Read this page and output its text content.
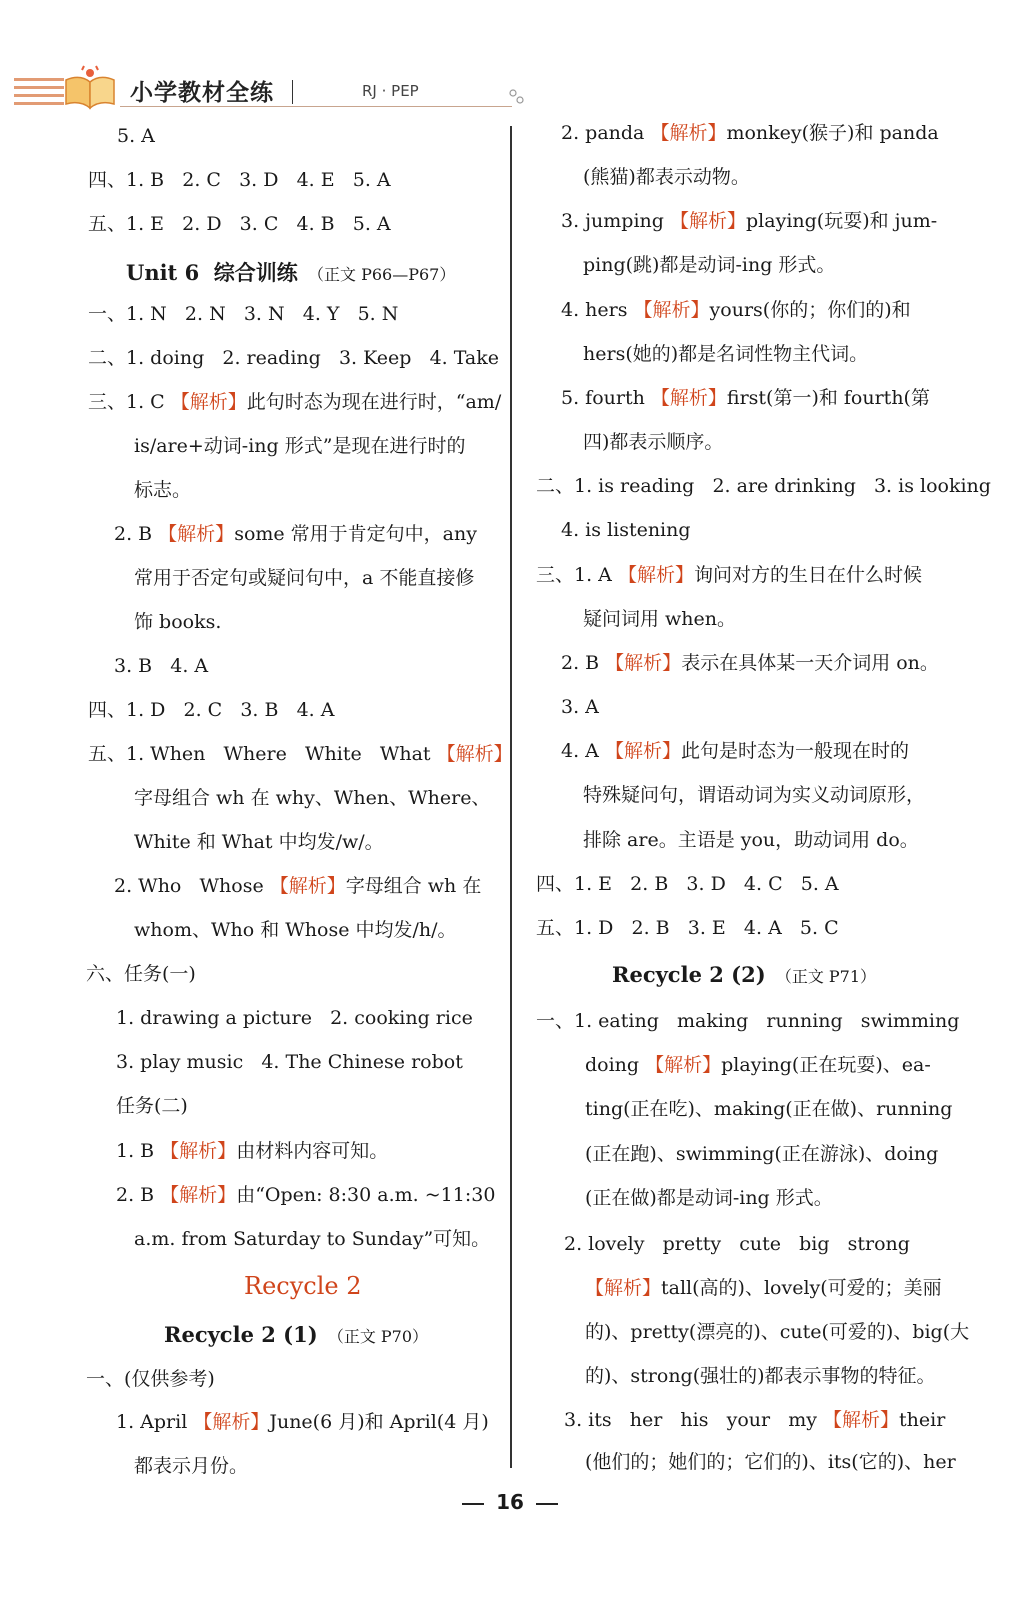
小学教材全练	RJ · PEP
5. A
四、1. B   2. C   3. D   4. E   5. A
五、1. E   2. D   3. C   4. B   5. A
Unit 6  综合训练  （正文 P66—P67）
一、1. N   2. N   3. N   4. Y   5. N
二、1. doing   2. reading   3. Keep   4. Take
三、1. C 【解析】此句时态为现在进行时，“am/
is/are+动词-ing 形式”是现在进行时的
标志。
2. B 【解析】some 常用于肯定句中，any
常用于否定句或疑问句中，a 不能直接修
饰 books.
3. B   4. A
四、1. D   2. C   3. B   4. A
五、1. When   Where   White   What 【解析】
字母组合 wh 在 why、When、Where、
White 和 What 中均发/w/。
2. Who   Whose 【解析】字母组合 wh 在
whom、Who 和 Whose 中均发/h/。
六、任务(一)
1. drawing a picture   2. cooking rice
3. play music   4. The Chinese robot
任务(二)
1. B 【解析】由材料内容可知。
2. B 【解析】由“Open: 8:30 a.m. ~11:30
a.m. from Saturday to Sunday”可知。
Recycle 2
Recycle 2 (1)  （正文 P70）
一、(仅供参考)
1. April 【解析】June(6 月)和 April(4 月)
都表示月份。
2. panda 【解析】monkey(猴子)和 panda
(熊猫)都表示动物。
3. jumping 【解析】playing(玩耍)和 jum-
ping(跳)都是动词-ing 形式。
4. hers 【解析】yours(你的；你们的)和
hers(她的)都是名词性物主代词。
5. fourth 【解析】first(第一)和 fourth(第
四)都表示顺序。
二、1. is reading   2. are drinking   3. is looking
4. is listening
三、1. A 【解析】询问对方的生日在什么时候
疑问词用 when。
2. B 【解析】表示在具体某一天介词用 on。
3. A
4. A 【解析】此句是时态为一般现在时的
特殊疑问句，谓语动词为实义动词原形，
排除 are。主语是 you，助动词用 do。
四、1. E   2. B   3. D   4. C   5. A
五、1. D   2. B   3. E   4. A   5. C
Recycle 2 (2)  （正文 P71）
一、1. eating   making   running   swimming
doing 【解析】playing(正在玩耍)、ea-
ting(正在吃)、making(正在做)、running
(正在跑)、swimming(正在游泳)、doing
(正在做)都是动词-ing 形式。
2. lovely   pretty   cute   big   strong
【解析】tall(高的)、lovely(可爱的；美丽
的)、pretty(漂亮的)、cute(可爱的)、big(大
的)、strong(强壮的)都表示事物的特征。
3. its   her   his   your   my 【解析】their
(他们的；她们的；它们的)、its(它的)、her
16
